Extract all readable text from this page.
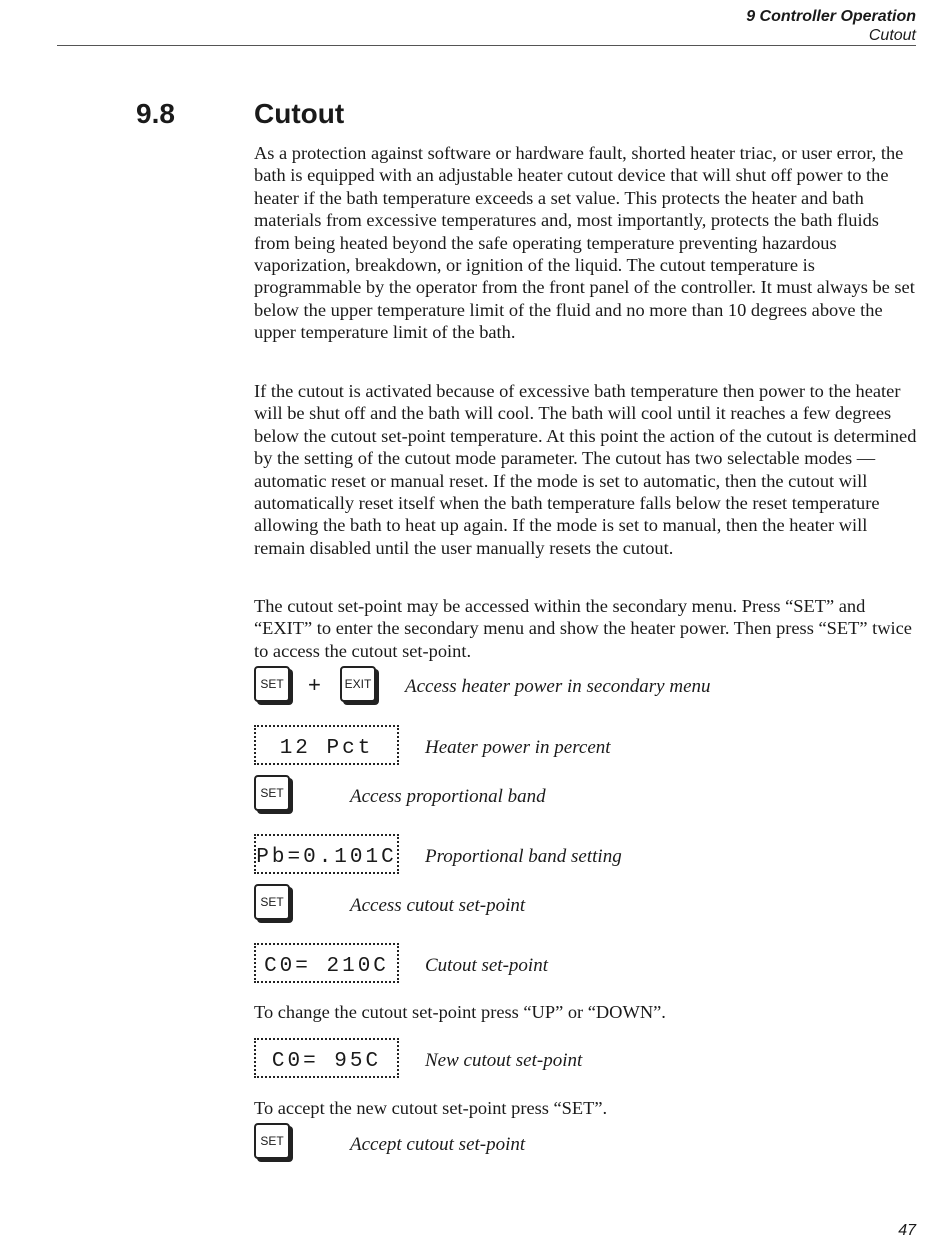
9 Controller Operation
Cutout
9.8	Cutout

As a protection against software or hardware fault, shorted heater triac, or user error, the bath is equipped with an adjustable heater cutout device that will shut off power to the heater if the bath temperature exceeds a set value. This protects the heater and bath materials from excessive temperatures and, most importantly, protects the bath fluids from being heated beyond the safe operating temperature preventing hazardous vaporization, breakdown, or ignition of the liquid. The cutout temperature is programmable by the operator from the front panel of the controller. It must always be set below the upper temperature limit of the fluid and no more than 10 degrees above the upper temperature limit of the bath.

If the cutout is activated because of excessive bath temperature then power to the heater will be shut off and the bath will cool. The bath will cool until it reaches a few degrees below the cutout set-point temperature. At this point the action of the cutout is determined by the setting of the cutout mode parameter. The cutout has two selectable modes — automatic reset or manual reset. If the mode is set to automatic, then the cutout will automatically reset itself when the bath temperature falls below the reset temperature allowing the bath to heat up again. If the mode is set to manual, then the heater will remain disabled until the user manually resets the cutout.

The cutout set-point may be accessed within the secondary menu. Press “SET” and “EXIT” to enter the secondary menu and show the heater power. Then press “SET” twice to access the cutout set-point.

SET +	EXIT Access heater power in secondary menu
12 Pct	Heater power in percent
SET	Access proportional band
Pb=0.101C Proportional band setting
SET	Access cutout set-point
C0= 210C	Cutout set-point

To change the cutout set-point press “UP” or “DOWN”.

C0= 95C	New cutout set-point

To accept the new cutout set-point press “SET”.

SET	Accept cutout set-point
47
